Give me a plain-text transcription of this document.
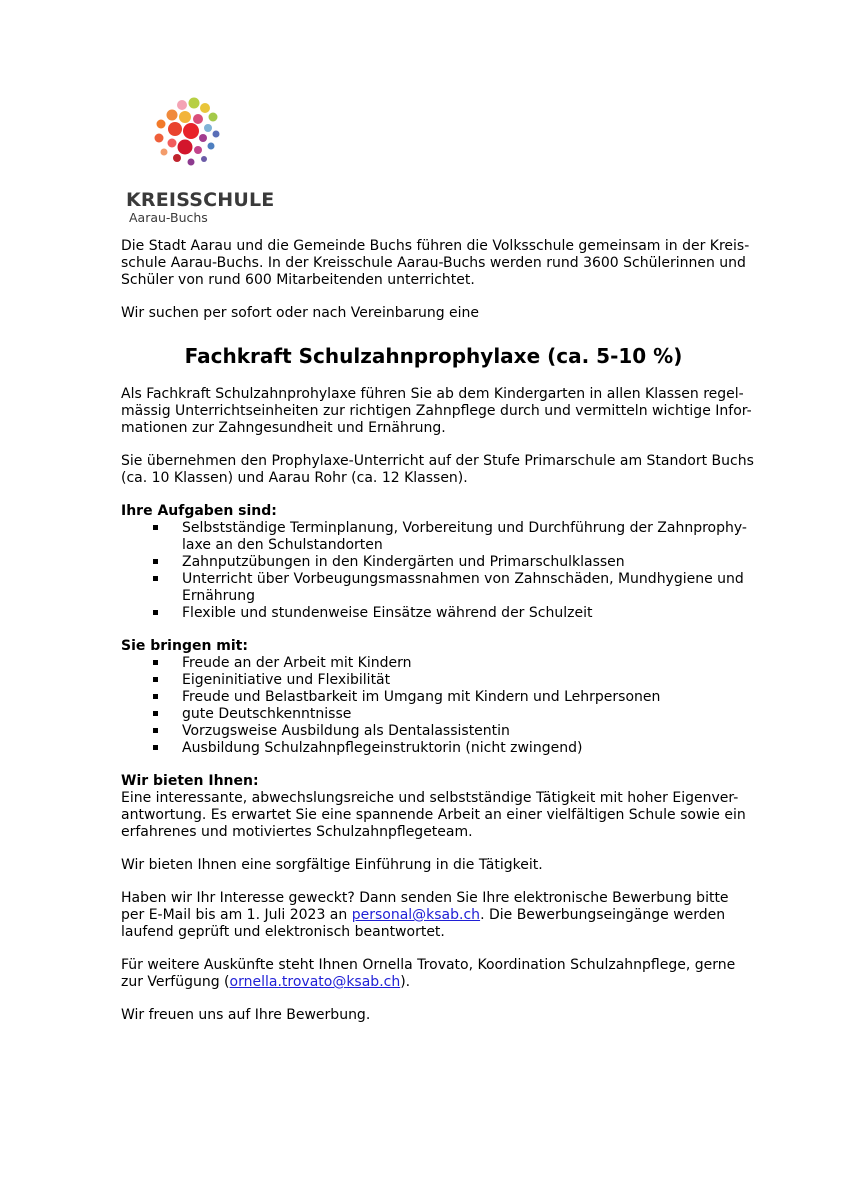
KREISSCHULE
Aarau-Buchs

Die Stadt Aarau und die Gemeinde Buchs führen die Volksschule gemeinsam in der Kreis-
schule Aarau-Buchs. In der Kreisschule Aarau-Buchs werden rund 3600 Schülerinnen und
Schüler von rund 600 Mitarbeitenden unterrichtet.

Wir suchen per sofort oder nach Vereinbarung eine

Fachkraft Schulzahnprophylaxe (ca. 5-10 %)

Als Fachkraft Schulzahnprohylaxe führen Sie ab dem Kindergarten in allen Klassen regel-
mässig Unterrichtseinheiten zur richtigen Zahnpflege durch und vermitteln wichtige Infor-
mationen zur Zahngesundheit und Ernährung.

Sie übernehmen den Prophylaxe-Unterricht auf der Stufe Primarschule am Standort Buchs
(ca. 10 Klassen) und Aarau Rohr (ca. 12 Klassen).

Ihre Aufgaben sind:
Selbstständige Terminplanung, Vorbereitung und Durchführung der Zahnprophy-
laxe an den Schulstandorten
Zahnputzübungen in den Kindergärten und Primarschulklassen
Unterricht über Vorbeugungsmassnahmen von Zahnschäden, Mundhygiene und
Ernährung
Flexible und stundenweise Einsätze während der Schulzeit
Sie bringen mit:
Freude an der Arbeit mit Kindern
Eigeninitiative und Flexibilität
Freude und Belastbarkeit im Umgang mit Kindern und Lehrpersonen
gute Deutschkenntnisse
Vorzugsweise Ausbildung als Dentalassistentin
Ausbildung Schulzahnpflegeinstruktorin (nicht zwingend)
Wir bieten Ihnen:

Eine interessante, abwechslungsreiche und selbstständige Tätigkeit mit hoher Eigenver-
antwortung. Es erwartet Sie eine spannende Arbeit an einer vielfältigen Schule sowie ein
erfahrenes und motiviertes Schulzahnpflegeteam.

Wir bieten Ihnen eine sorgfältige Einführung in die Tätigkeit.

Haben wir Ihr Interesse geweckt? Dann senden Sie Ihre elektronische Bewerbung bitte
per E-Mail bis am 1. Juli 2023 an personal@ksab.ch. Die Bewerbungseingänge werden
laufend geprüft und elektronisch beantwortet.

Für weitere Auskünfte steht Ihnen Ornella Trovato, Koordination Schulzahnpflege, gerne
zur Verfügung (ornella.trovato@ksab.ch).

Wir freuen uns auf Ihre Bewerbung.
